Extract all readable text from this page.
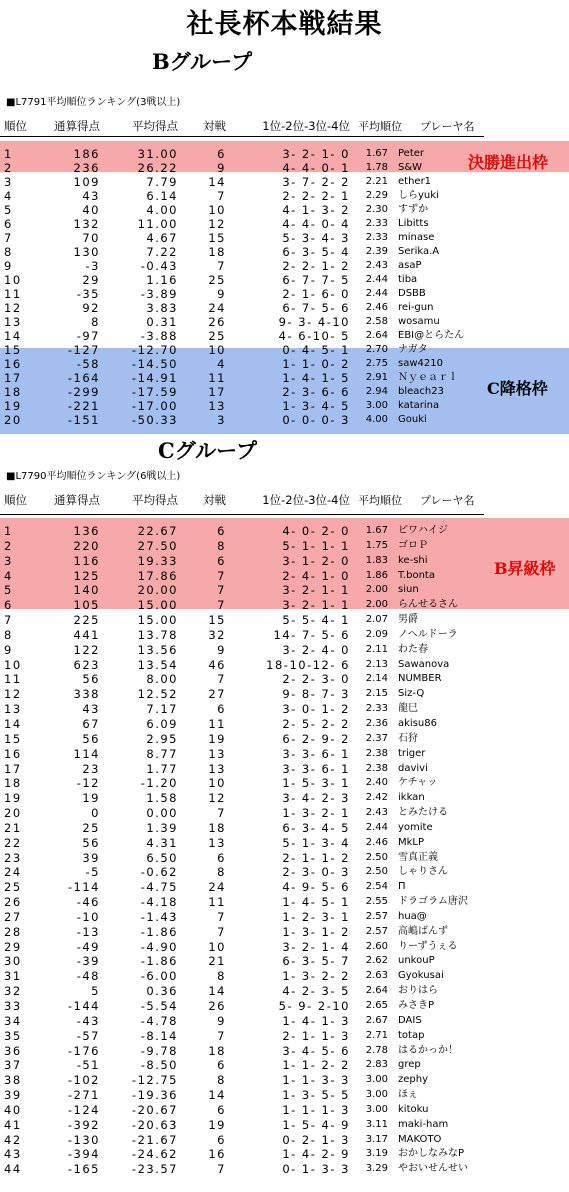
社長杯本戦結果
Bグループ
■L7791平均順位ランキング(3戦以上)
順位 通算得点	平均得点	対戦	1位-2位-3位-4位 平均順位 プレーヤ名
決勝進出枠
C降格枠
1	186	31.00	6	3- 2- 1- 0	1.67 Peter
2	236	26.22	9	4- 4- 0- 1	1.78 S&W
3	109	7.79	14	3- 7- 2- 2	2.21 ether1
4	43	6.14	7	2- 2- 2- 1	2.29 しらyuki
5	40	4.00	10	4- 1- 3- 2	2.30 すずか
6	132	11.00	12	4- 4- 0- 4	2.33 Libitts
7	70	4.67	15	5- 3- 4- 3	2.33 minase
8	130	7.22	18	6- 3- 5- 4	2.39 Serika.A
9	-3	-0.43	7	2- 2- 1- 2	2.43 asaP
10	29	1.16	25	6- 7- 7- 5	2.44 tiba
11	-35	-3.89	9	2- 1- 6- 0	2.44 DSBB
12	92	3.83	24	6- 7- 5- 6	2.46 rei-gun
13	8	0.31	26	9- 3- 4-10	2.58 wosamu
14	-97	-3.88	25	4- 6-10- 5	2.64 EBI@とらたん
15	-127	-12.70	10	0- 4- 5- 1	2.70 ナガタ
16	-58	-14.50	4	1- 1- 0- 2	2.75 saw4210
17	-164	-14.91	11	1- 4- 1- 5	2.91 Ｎｙｅａｒｌ
18	-299	-17.59	17	2- 3- 6- 6	2.94 bleach23
19	-221	-17.00	13	1- 3- 4- 5	3.00 katarina
20	-151	-50.33	3	0- 0- 0- 3	4.00 Gouki
Cグループ
■L7790平均順位ランキング(6戦以上)
順位 通算得点	平均得点	対戦	1位-2位-3位-4位 平均順位 プレーヤ名
B昇級枠
1	136	22.67	6	4- 0- 2- 0	1.67 ピワハイジ
2	220	27.50	8	5- 1- 1- 1	1.75 ゴロＰ
3	116	19.33	6	3- 1- 2- 0	1.83 ke-shi
4	125	17.86	7	2- 4- 1- 0	1.86 T.bonta
5	140	20.00	7	3- 2- 1- 1	2.00 siun
6	105	15.00	7	3- 2- 1- 1	2.00 らんせるさん
7	225	15.00	15	5- 5- 4- 1	2.07 男爵
8	441	13.78	32	14- 7- 5- 6	2.09 ノヘルドーラ
9	122	13.56	9	3- 2- 4- 0	2.11 わた春
10	623	13.54	46	18-10-12- 6	2.13 Sawanova
11	56	8.00	7	2- 2- 3- 0	2.14 NUMBER
12	338	12.52	27	9- 8- 7- 3	2.15 Siz-Q
13	43	7.17	6	3- 0- 1- 2	2.33 龍巳
14	67	6.09	11	2- 5- 2- 2	2.36 akisu86
15	56	2.95	19	6- 2- 9- 2	2.37 石狩
16	114	8.77	13	3- 3- 6- 1	2.38 triger
17	23	1.77	13	3- 3- 6- 1	2.38 davivi
18	-12	-1.20	10	1- 5- 3- 1	2.40 ケチャッ
19	19	1.58	12	3- 4- 2- 3	2.42 ikkan
20	0	0.00	7	1- 3- 2- 1	2.43 とみたける
21	25	1.39	18	6- 3- 4- 5	2.44 yomite
22	56	4.31	13	5- 1- 3- 4	2.46 MkLP
23	39	6.50	6	2- 1- 1- 2	2.50 雪真正義
24	-5	-0.62	8	2- 3- 0- 3	2.50 しゃりさん
25	-114	-4.75	24	4- 9- 5- 6	2.54 Π
26	-46	-4.18	11	1- 4- 5- 1	2.55 ドラゴラム唐沢
27	-10	-1.43	7	1- 2- 3- 1	2.57 hua@
28	-13	-1.86	7	1- 3- 1- 2	2.57 高嶋ばんず
29	-49	-4.90	10	3- 2- 1- 4	2.60 りーずうぇる
30	-39	-1.86	21	6- 3- 5- 7	2.62 unkouP
31	-48	-6.00	8	1- 3- 2- 2	2.63 Gyokusai
32	5	0.36	14	4- 2- 3- 5	2.64 おりはら
33	-144	-5.54	26	5- 9- 2-10	2.65 みさきP
34	-43	-4.78	9	1- 4- 1- 3	2.67 DAIS
35	-57	-8.14	7	2- 1- 1- 3	2.71 totap
36	-176	-9.78	18	3- 4- 5- 6	2.78 はるかっか！
37	-51	-8.50	6	1- 1- 2- 2	2.83 grep
38	-102	-12.75	8	1- 1- 3- 3	3.00 zephy
39	-271	-19.36	14	1- 3- 5- 5	3.00 ほぇ
40	-124	-20.67	6	1- 1- 1- 3	3.00 kitoku
41	-392	-20.63	19	1- 5- 4- 9	3.11 maki-ham
42	-130	-21.67	6	0- 2- 1- 3	3.17 MAKOTO
43	-394	-24.62	16	1- 4- 2- 9	3.19 おかしなみなP
44	-165	-23.57	7	0- 1- 3- 3	3.29 やおいせんせい
